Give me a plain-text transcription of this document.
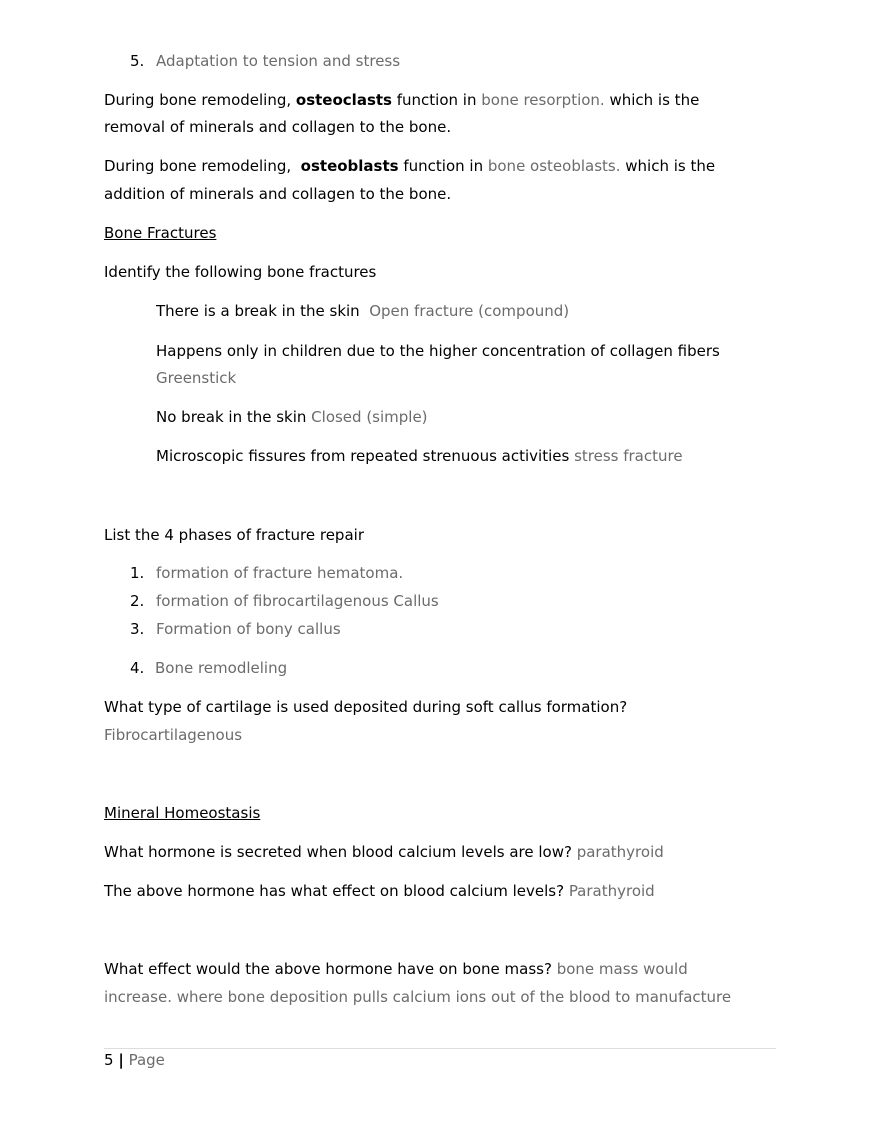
5. Adaptation to tension and stress
During bone remodeling, osteoclasts function in bone resorption. which is the
removal of minerals and collagen to the bone.
During bone remodeling,  osteoblasts function in bone osteoblasts. which is the
addition of minerals and collagen to the bone.
Bone Fractures
Identify the following bone fractures
There is a break in the skin  Open fracture (compound)
Happens only in children due to the higher concentration of collagen fibers
Greenstick
No break in the skin Closed (simple)
Microscopic fissures from repeated strenuous activities stress fracture
List the 4 phases of fracture repair
1. formation of fracture hematoma.
2. formation of fibrocartilagenous Callus
3. Formation of bony callus
4. Bone remodleling
What type of cartilage is used deposited during soft callus formation?
Fibrocartilagenous
Mineral Homeostasis
What hormone is secreted when blood calcium levels are low? parathyroid
The above hormone has what effect on blood calcium levels? Parathyroid
What effect would the above hormone have on bone mass? bone mass would
increase. where bone deposition pulls calcium ions out of the blood to manufacture
5 | Page
